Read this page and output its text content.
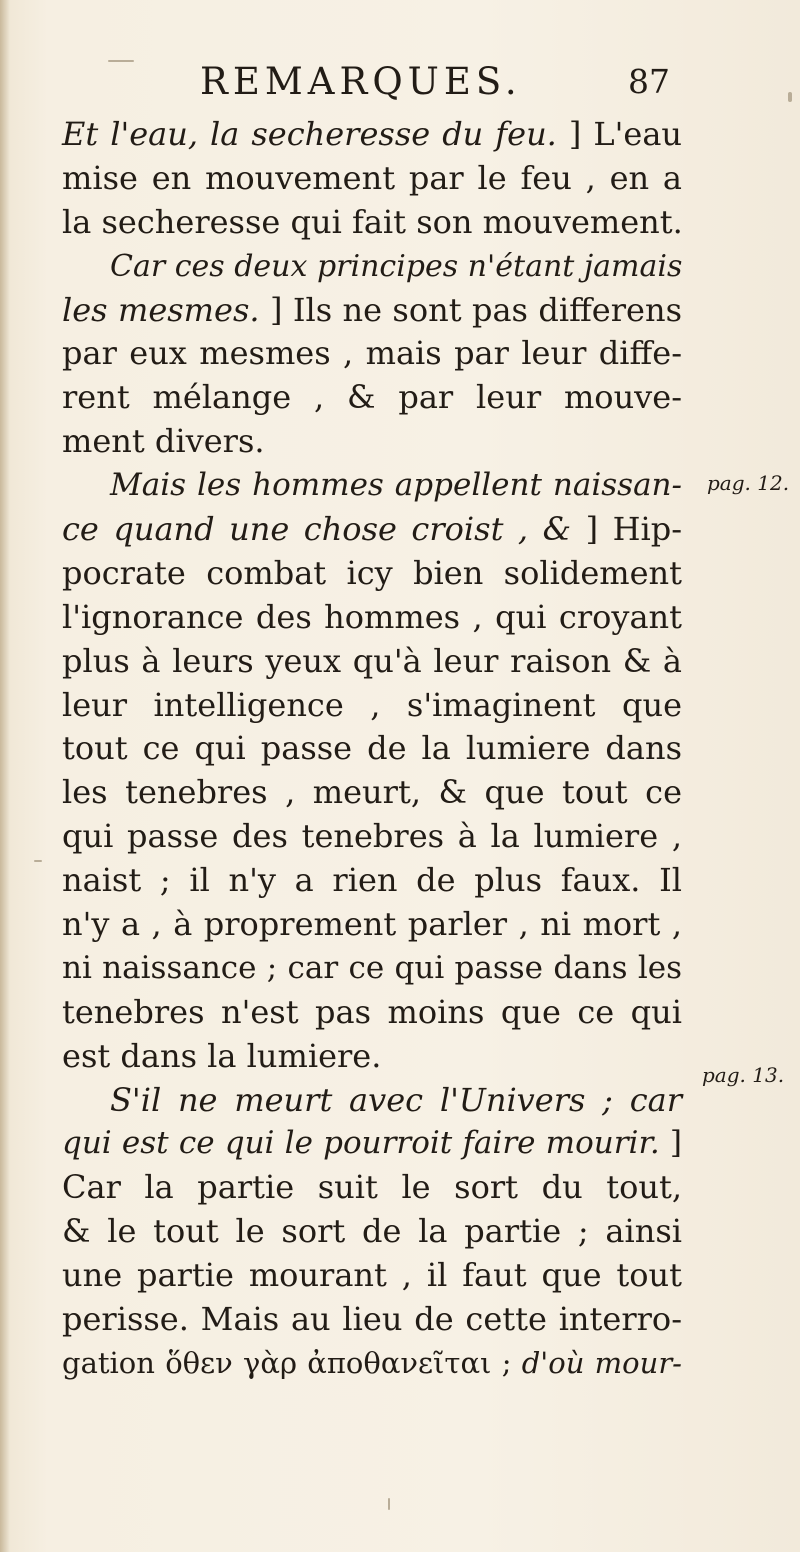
REMARQUES.	87
Et l'eau, la secheresse du feu. ] L'eau
mise en mouvement par le feu , en a
la secheresse qui fait son mouvement.
Car ces deux principes n'étant jamais
les mesmes. ] Ils ne sont pas differens
par eux mesmes , mais par leur diffe-
rent mélange , & par leur mouve-
ment divers.
Mais les hommes appellent naissan-
ce quand une chose croist , & ] Hip-
pocrate combat icy bien solidement
l'ignorance des hommes , qui croyant
plus à leurs yeux qu'à leur raison & à
leur intelligence , s'imaginent que
tout ce qui passe de la lumiere dans
les tenebres , meurt, & que tout ce
qui passe des tenebres à la lumiere ,
naist ; il n'y a rien de plus faux. Il
n'y a , à proprement parler , ni mort ,
ni naissance ; car ce qui passe dans les
tenebres n'est pas moins que ce qui
est dans la lumiere.
S'il ne meurt avec l'Univers ; car
qui est ce qui le pourroit faire mourir. ]
Car la partie suit le sort du tout,
& le tout le sort de la partie ; ainsi
une partie mourant , il faut que tout
perisse. Mais au lieu de cette interro-
gation ὅθεν γὰρ ἀποθανεῖται ; d'où mour-
pag. 12.
pag. 13.
